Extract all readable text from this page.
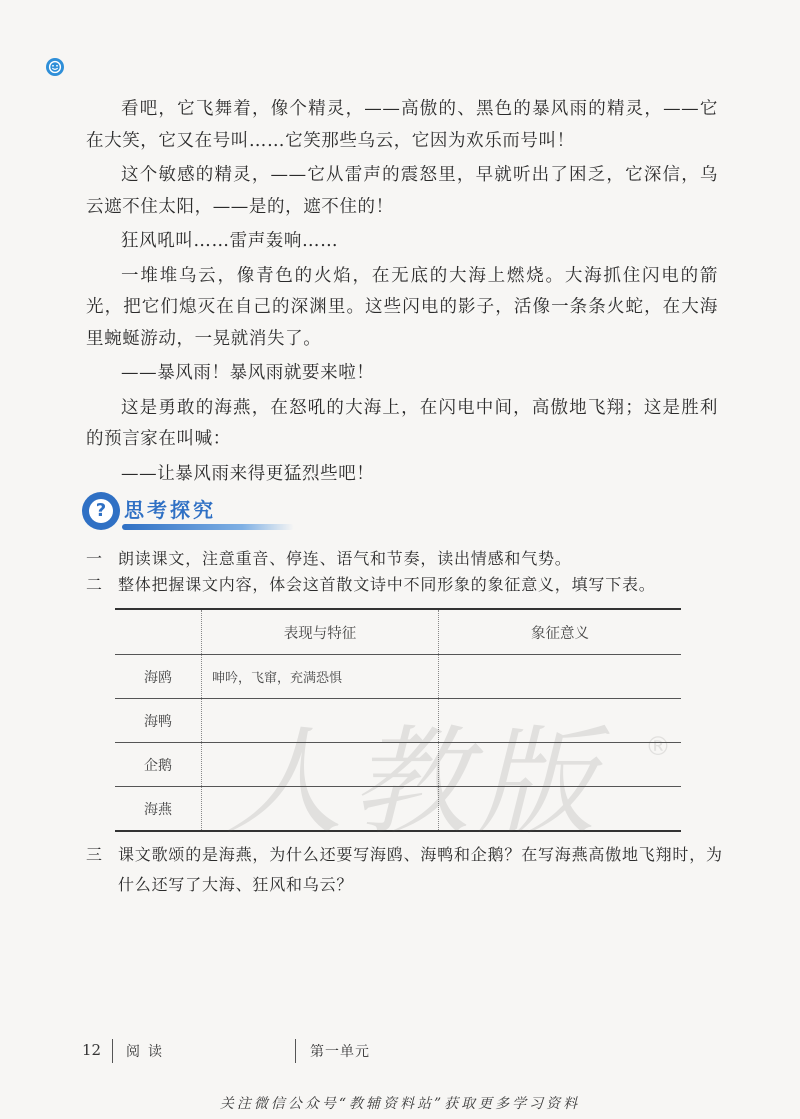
看吧，它飞舞着，像个精灵，——高傲的、黑色的暴风雨的精灵，——它在大笑，它又在号叫……它笑那些乌云，它因为欢乐而号叫！

这个敏感的精灵，——它从雷声的震怒里，早就听出了困乏，它深信，乌云遮不住太阳，——是的，遮不住的！

狂风吼叫……雷声轰响……

一堆堆乌云，像青色的火焰，在无底的大海上燃烧。大海抓住闪电的箭光，把它们熄灭在自己的深渊里。这些闪电的影子，活像一条条火蛇，在大海里蜿蜒游动，一晃就消失了。

——暴风雨！暴风雨就要来啦！

这是勇敢的海燕，在怒吼的大海上，在闪电中间，高傲地飞翔；这是胜利的预言家在叫喊：

——让暴风雨来得更猛烈些吧！

? 思考探究
一 朗读课文，注意重音、停连、语气和节奏，读出情感和气势。
二 整体把握课文内容，体会这首散文诗中不同形象的象征意义，填写下表。
	表现与特征	象征意义
海鸥	呻吟，飞窜，充满恐惧	
海鸭		
企鹅		
海燕		人教版 ®
三 课文歌颂的是海燕，为什么还要写海鸥、海鸭和企鹅？在写海燕高傲地飞翔时，为什么还写了大海、狂风和乌云？
12 阅读	第一单元
关注微信公众号“教辅资料站”获取更多学习资料
